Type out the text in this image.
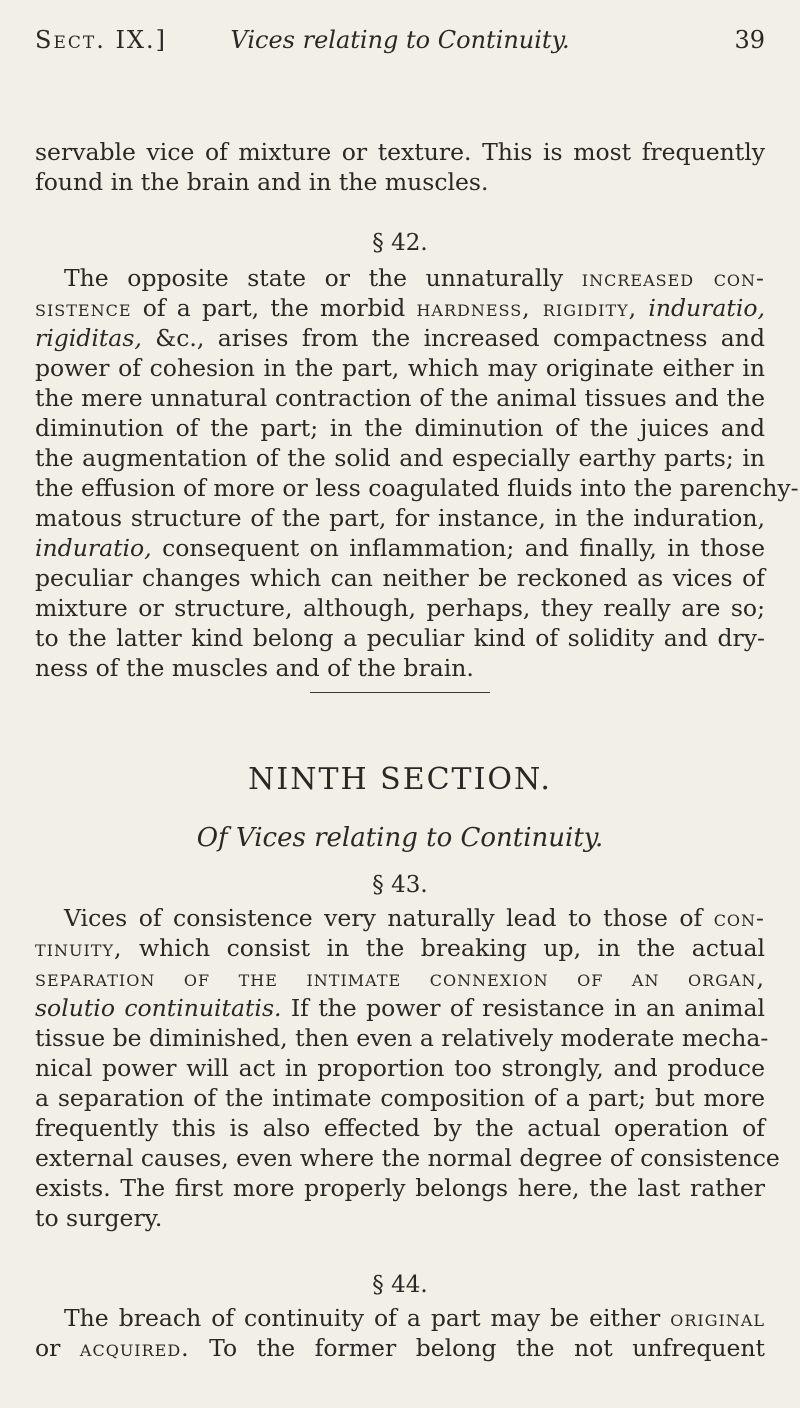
Sect. IX.]	Vices relating to Continuity.	39
servable vice of mixture or texture. This is most frequently
found in the brain and in the muscles.
§ 42.
The opposite state or the unnaturally increased con-
sistence of a part, the morbid hardness, rigidity, induratio,
rigiditas, &c., arises from the increased compactness and
power of cohesion in the part, which may originate either in
the mere unnatural contraction of the animal tissues and the
diminution of the part; in the diminution of the juices and
the augmentation of the solid and especially earthy parts; in
the effusion of more or less coagulated fluids into the parenchy-
matous structure of the part, for instance, in the induration,
induratio, consequent on inflammation; and finally, in those
peculiar changes which can neither be reckoned as vices of
mixture or structure, although, perhaps, they really are so;
to the latter kind belong a peculiar kind of solidity and dry-
ness of the muscles and of the brain.
NINTH SECTION.
Of Vices relating to Continuity.
§ 43.
Vices of consistence very naturally lead to those of con-
tinuity, which consist in the breaking up, in the actual
separation of the intimate connexion of an organ,
solutio continuitatis. If the power of resistance in an animal
tissue be diminished, then even a relatively moderate mecha-
nical power will act in proportion too strongly, and produce
a separation of the intimate composition of a part; but more
frequently this is also effected by the actual operation of
external causes, even where the normal degree of consistence
exists. The first more properly belongs here, the last rather
to surgery.
§ 44.
The breach of continuity of a part may be either original
or acquired. To the former belong the not unfrequent
